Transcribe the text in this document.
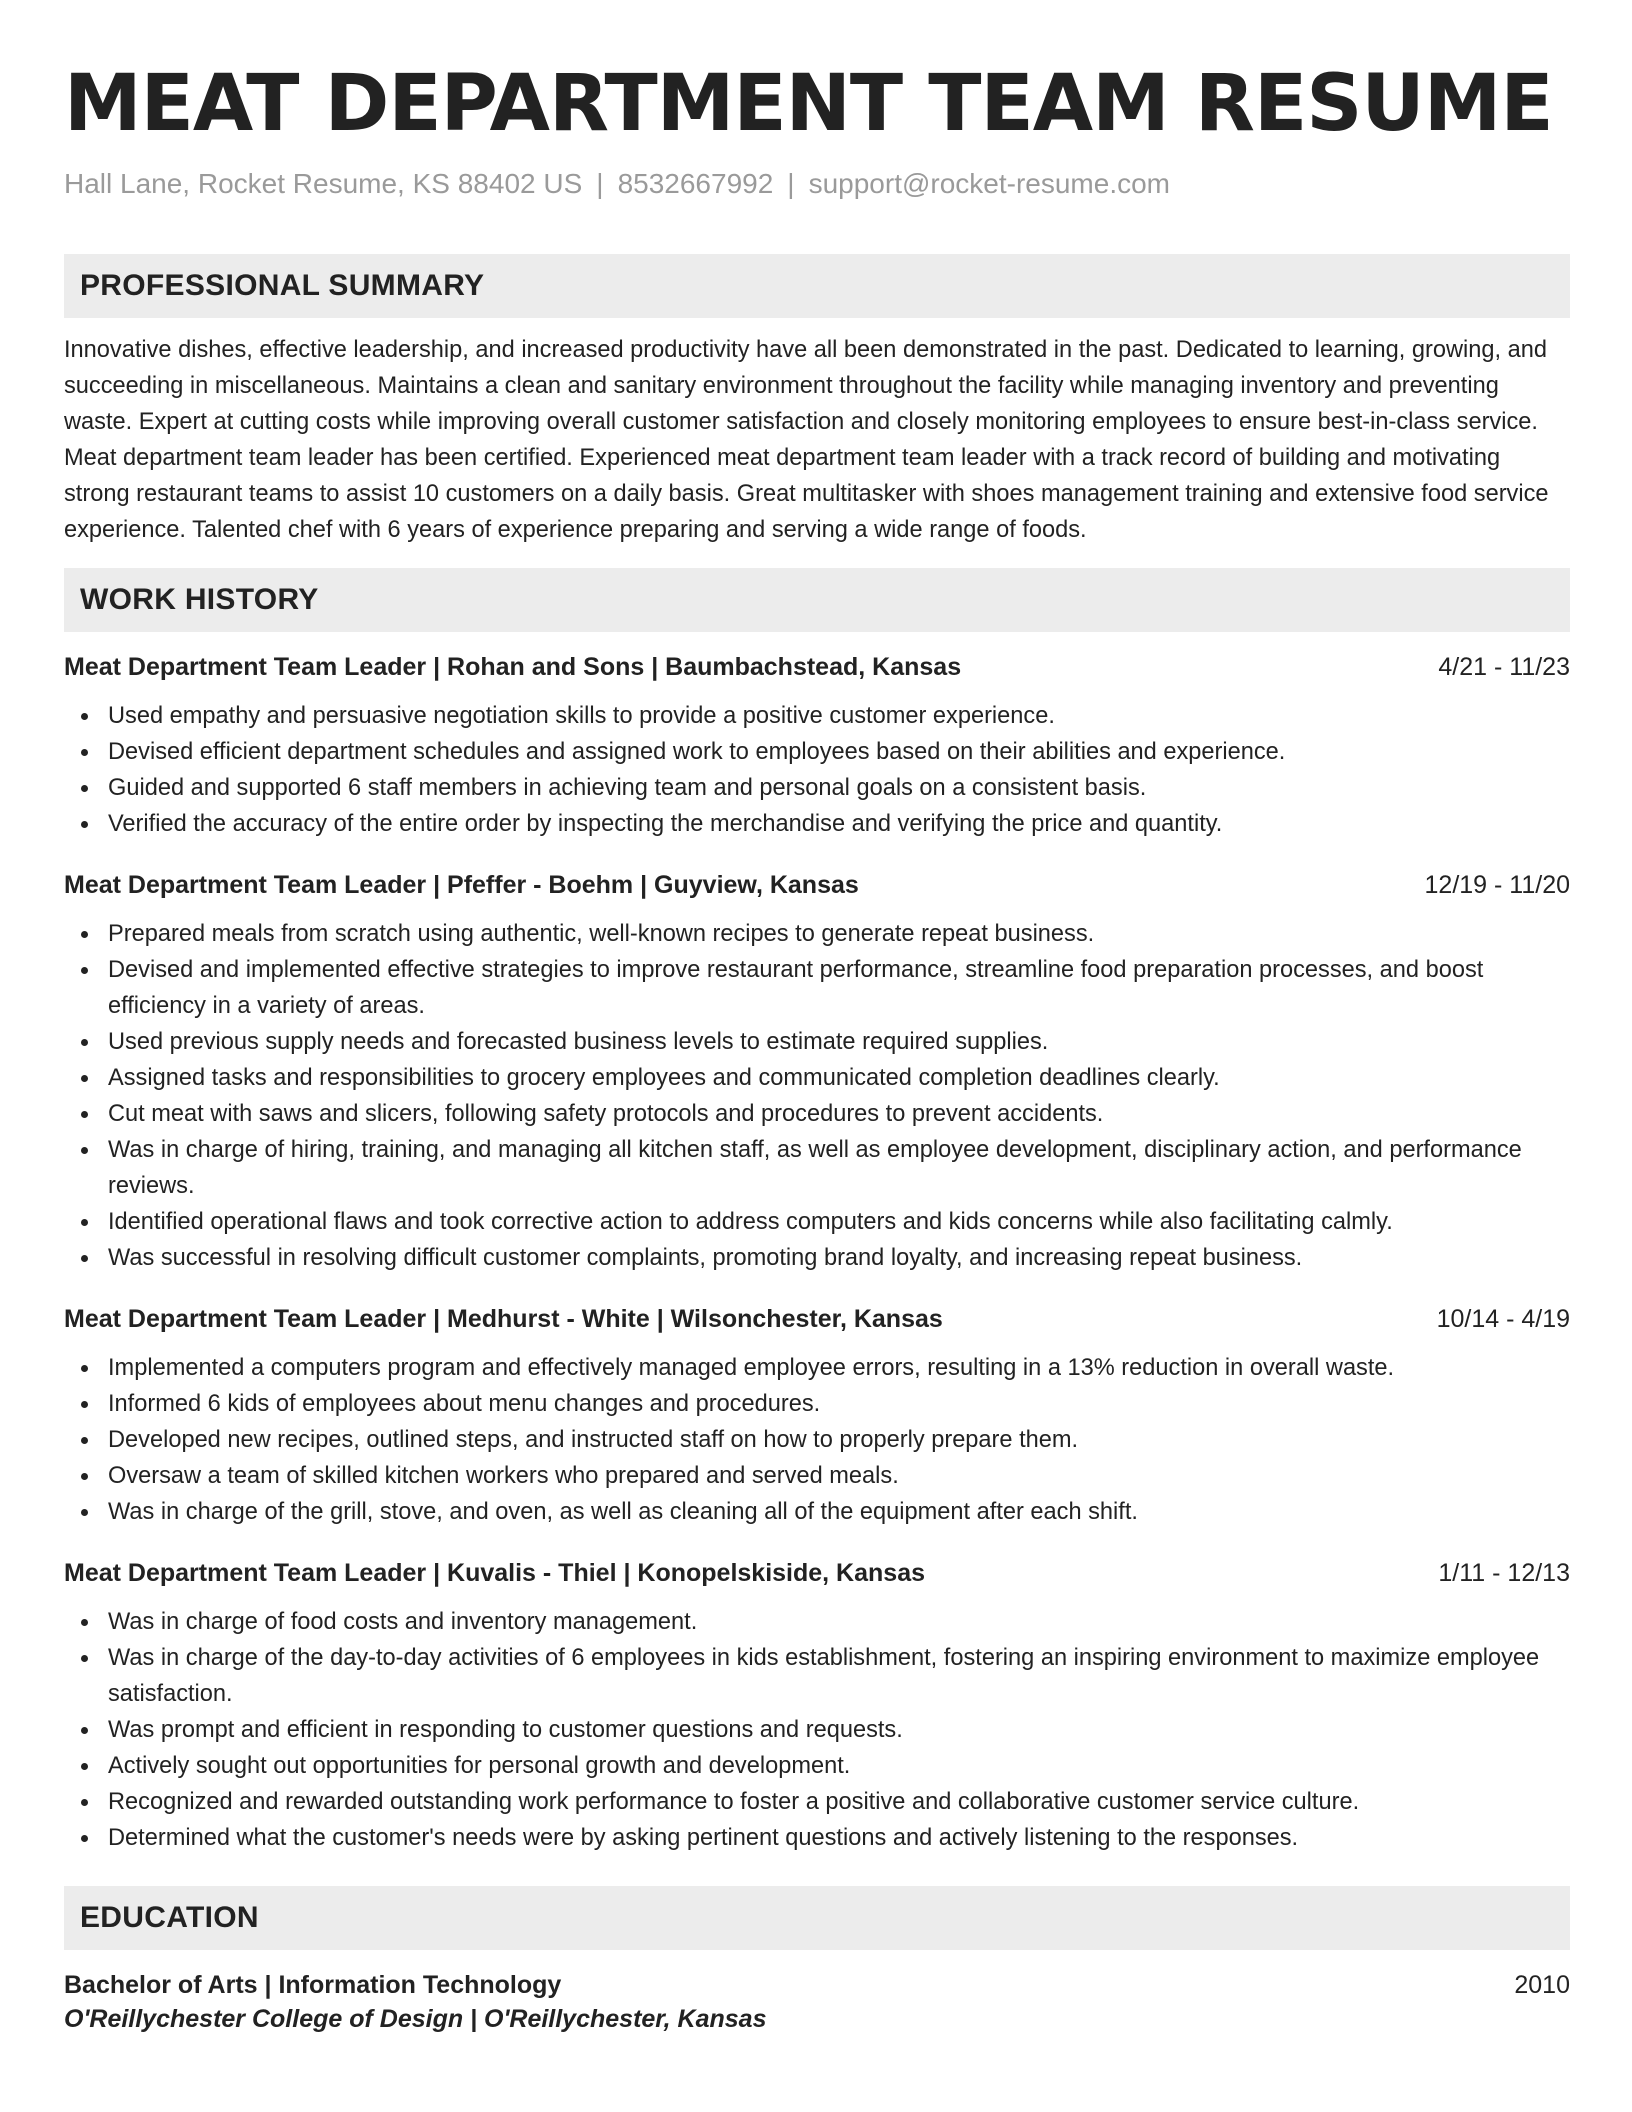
MEAT DEPARTMENT TEAM RESUME
Hall Lane, Rocket Resume, KS 88402 US | 8532667992 | support@rocket-resume.com
PROFESSIONAL SUMMARY
Innovative dishes, effective leadership, and increased productivity have all been demonstrated in the past. Dedicated to learning, growing, and succeeding in miscellaneous. Maintains a clean and sanitary environment throughout the facility while managing inventory and preventing waste. Expert at cutting costs while improving overall customer satisfaction and closely monitoring employees to ensure best-in-class service. Meat department team leader has been certified. Experienced meat department team leader with a track record of building and motivating strong restaurant teams to assist 10 customers on a daily basis. Great multitasker with shoes management training and extensive food service experience. Talented chef with 6 years of experience preparing and serving a wide range of foods.
WORK HISTORY
Meat Department Team Leader | Rohan and Sons | Baumbachstead, Kansas	4/21 - 11/23
Used empathy and persuasive negotiation skills to provide a positive customer experience.
Devised efficient department schedules and assigned work to employees based on their abilities and experience.
Guided and supported 6 staff members in achieving team and personal goals on a consistent basis.
Verified the accuracy of the entire order by inspecting the merchandise and verifying the price and quantity.
Meat Department Team Leader | Pfeffer - Boehm | Guyview, Kansas	12/19 - 11/20
Prepared meals from scratch using authentic, well-known recipes to generate repeat business.
Devised and implemented effective strategies to improve restaurant performance, streamline food preparation processes, and boost efficiency in a variety of areas.
Used previous supply needs and forecasted business levels to estimate required supplies.
Assigned tasks and responsibilities to grocery employees and communicated completion deadlines clearly.
Cut meat with saws and slicers, following safety protocols and procedures to prevent accidents.
Was in charge of hiring, training, and managing all kitchen staff, as well as employee development, disciplinary action, and performance reviews.
Identified operational flaws and took corrective action to address computers and kids concerns while also facilitating calmly.
Was successful in resolving difficult customer complaints, promoting brand loyalty, and increasing repeat business.
Meat Department Team Leader | Medhurst - White | Wilsonchester, Kansas	10/14 - 4/19
Implemented a computers program and effectively managed employee errors, resulting in a 13% reduction in overall waste.
Informed 6 kids of employees about menu changes and procedures.
Developed new recipes, outlined steps, and instructed staff on how to properly prepare them.
Oversaw a team of skilled kitchen workers who prepared and served meals.
Was in charge of the grill, stove, and oven, as well as cleaning all of the equipment after each shift.
Meat Department Team Leader | Kuvalis - Thiel | Konopelskiside, Kansas	1/11 - 12/13
Was in charge of food costs and inventory management.
Was in charge of the day-to-day activities of 6 employees in kids establishment, fostering an inspiring environment to maximize employee satisfaction.
Was prompt and efficient in responding to customer questions and requests.
Actively sought out opportunities for personal growth and development.
Recognized and rewarded outstanding work performance to foster a positive and collaborative customer service culture.
Determined what the customer's needs were by asking pertinent questions and actively listening to the responses.
EDUCATION
Bachelor of Arts | Information Technology	2010
O'Reillychester College of Design | O'Reillychester, Kansas
